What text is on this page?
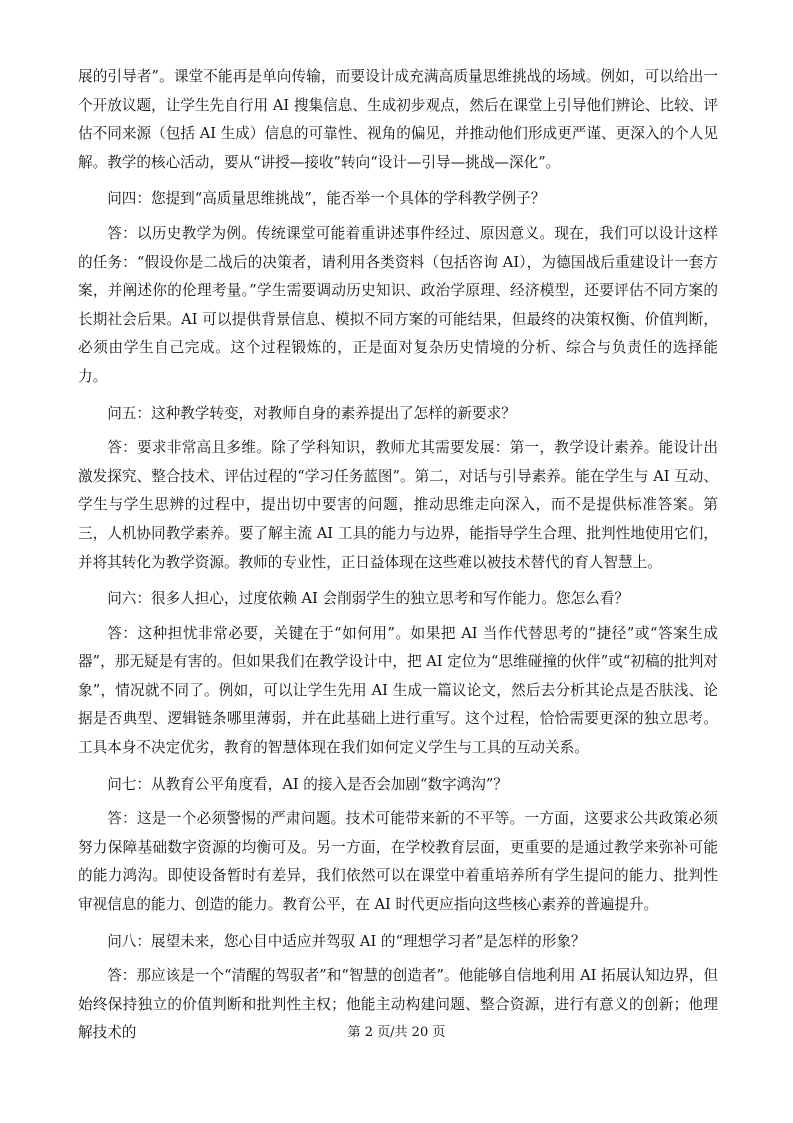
展的引导者”。课堂不能再是单向传输，而要设计成充满高质量思维挑战的场域。例如，可以给出一个开放议题，让学生先自行用 AI 搜集信息、生成初步观点，然后在课堂上引导他们辨论、比较、评估不同来源（包括 AI 生成）信息的可靠性、视角的偏见，并推动他们形成更严谨、更深入的个人见解。教学的核心活动，要从“讲授—接收”转向“设计—引导—挑战—深化”。

问四：您提到“高质量思维挑战”，能否举一个具体的学科教学例子？

答：以历史教学为例。传统课堂可能着重讲述事件经过、原因意义。现在，我们可以设计这样的任务：“假设你是二战后的决策者，请利用各类资料（包括咨询 AI），为德国战后重建设计一套方案，并阐述你的伦理考量。”学生需要调动历史知识、政治学原理、经济模型，还要评估不同方案的长期社会后果。AI 可以提供背景信息、模拟不同方案的可能结果，但最终的决策权衡、价值判断，必须由学生自己完成。这个过程锻炼的，正是面对复杂历史情境的分析、综合与负责任的选择能力。

问五：这种教学转变，对教师自身的素养提出了怎样的新要求？

答：要求非常高且多维。除了学科知识，教师尤其需要发展：第一，教学设计素养。能设计出激发探究、整合技术、评估过程的“学习任务蓝图”。第二，对话与引导素养。能在学生与 AI 互动、学生与学生思辨的过程中，提出切中要害的问题，推动思维走向深入，而不是提供标准答案。第三，人机协同教学素养。要了解主流 AI 工具的能力与边界，能指导学生合理、批判性地使用它们，并将其转化为教学资源。教师的专业性，正日益体现在这些难以被技术替代的育人智慧上。

问六：很多人担心，过度依赖 AI 会削弱学生的独立思考和写作能力。您怎么看？

答：这种担忧非常必要，关键在于“如何用”。如果把 AI 当作代替思考的“捷径”或“答案生成器”，那无疑是有害的。但如果我们在教学设计中，把 AI 定位为“思维碰撞的伙伴”或“初稿的批判对象”，情况就不同了。例如，可以让学生先用 AI 生成一篇议论文，然后去分析其论点是否肤浅、论据是否典型、逻辑链条哪里薄弱，并在此基础上进行重写。这个过程，恰恰需要更深的独立思考。工具本身不决定优劣，教育的智慧体现在我们如何定义学生与工具的互动关系。

问七：从教育公平角度看，AI 的接入是否会加剧“数字鸿沟”？

答：这是一个必须警惕的严肃问题。技术可能带来新的不平等。一方面，这要求公共政策必须努力保障基础数字资源的均衡可及。另一方面，在学校教育层面，更重要的是通过教学来弥补可能的能力鸿沟。即使设备暂时有差异，我们依然可以在课堂中着重培养所有学生提问的能力、批判性审视信息的能力、创造的能力。教育公平，在 AI 时代更应指向这些核心素养的普遍提升。

问八：展望未来，您心目中适应并驾驭 AI 的“理想学习者”是怎样的形象？

答：那应该是一个“清醒的驾驭者”和“智慧的创造者”。他能够自信地利用 AI 拓展认知边界，但始终保持独立的价值判断和批判性主权；他能主动构建问题、整合资源，进行有意义的创新；他理解技术的	第 2 页/共 20 页
